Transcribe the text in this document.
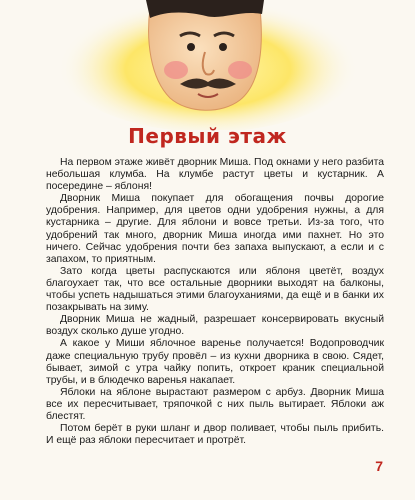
Первый этаж

На первом этаже живёт дворник Миша. Под окнами у него разбита небольшая клумба. На клумбе растут цветы и кустарник. А посередине – яблоня!

Дворник Миша покупает для обогащения почвы дорогие удобрения. Например, для цветов одни удобрения нужны, а для кустарника – другие. Для яблони и вовсе третьи. Из-за того, что удобрений так много, дворник Миша иногда ими пахнет. Но это ничего. Сейчас удобрения почти без запаха выпускают, а если и с запахом, то приятным.

Зато когда цветы распускаются или яблоня цветёт, воздух благоухает так, что все остальные дворники выходят на балконы, чтобы успеть надышаться этими благоуханиями, да ещё и в банки их позакрывать на зиму.

Дворник Миша не жадный, разрешает консервировать вкусный воздух сколько душе угодно.

А какое у Миши яблочное варенье получается! Водопроводчик даже специальную трубу провёл – из кухни дворника в свою. Сядет, бывает, зимой с утра чайку попить, откроет краник специальной трубы, и в блюдечко варенья накапает.

Яблоки на яблоне вырастают размером с арбуз. Дворник Миша все их пересчитывает, тряпочкой с них пыль вытирает. Яблоки аж блестят.

Потом берёт в руки шланг и двор поливает, чтобы пыль прибить. И ещё раз яблоки пересчитает и протрёт.

7
